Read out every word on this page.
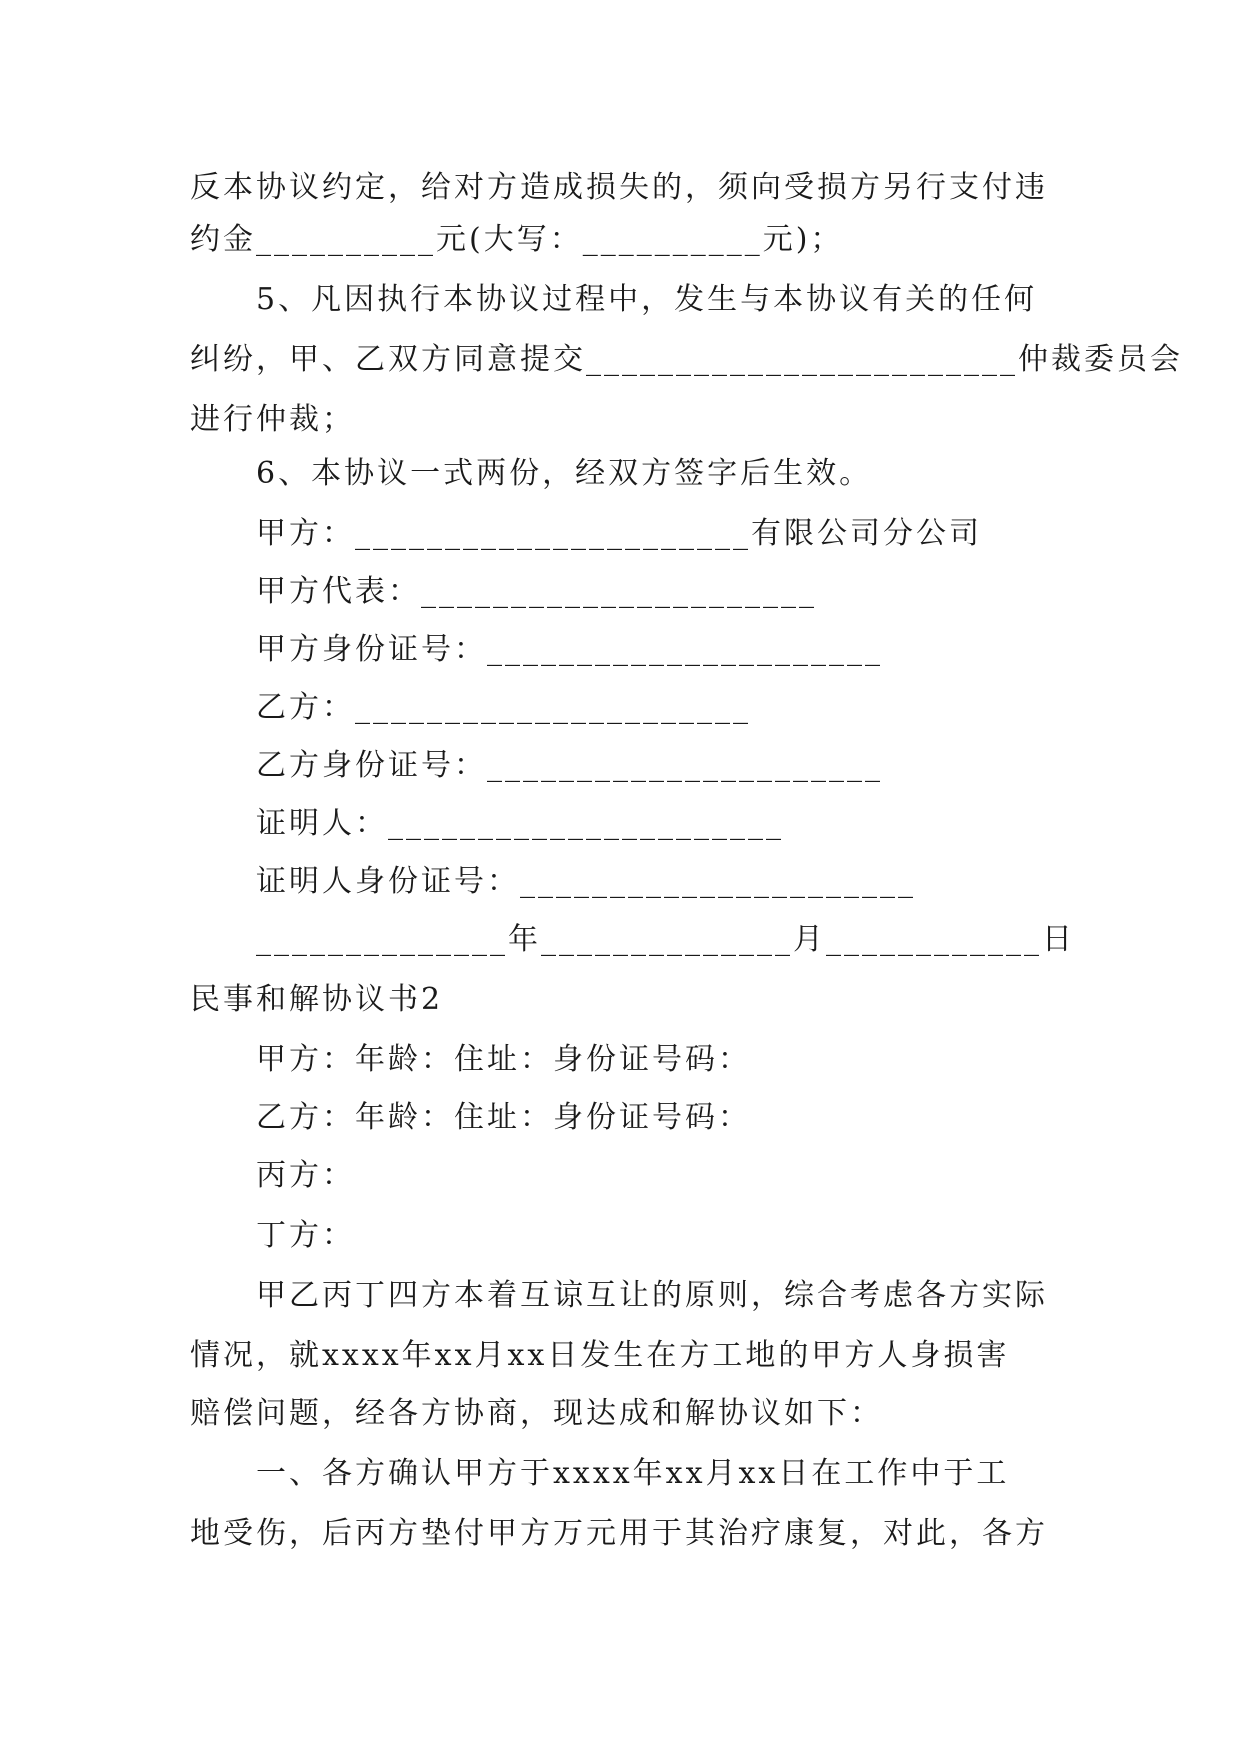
反本协议约定，给对方造成损失的，须向受损方另行支付违
约金__________元(大写：__________元)；
5、凡因执行本协议过程中，发生与本协议有关的任何
纠纷，甲、乙双方同意提交________________________仲裁委员会
进行仲裁；
6、本协议一式两份，经双方签字后生效。
甲方：______________________有限公司分公司
甲方代表：______________________
甲方身份证号：______________________
乙方：______________________
乙方身份证号：______________________
证明人：______________________
证明人身份证号：______________________
______________年______________月____________日
民事和解协议书2
甲方：年龄：住址：身份证号码：
乙方：年龄：住址：身份证号码：
丙方：
丁方：
甲乙丙丁四方本着互谅互让的原则，综合考虑各方实际
情况，就xxxx年xx月xx日发生在方工地的甲方人身损害
赔偿问题，经各方协商，现达成和解协议如下：
一、各方确认甲方于xxxx年xx月xx日在工作中于工
地受伤，后丙方垫付甲方万元用于其治疗康复，对此，各方
